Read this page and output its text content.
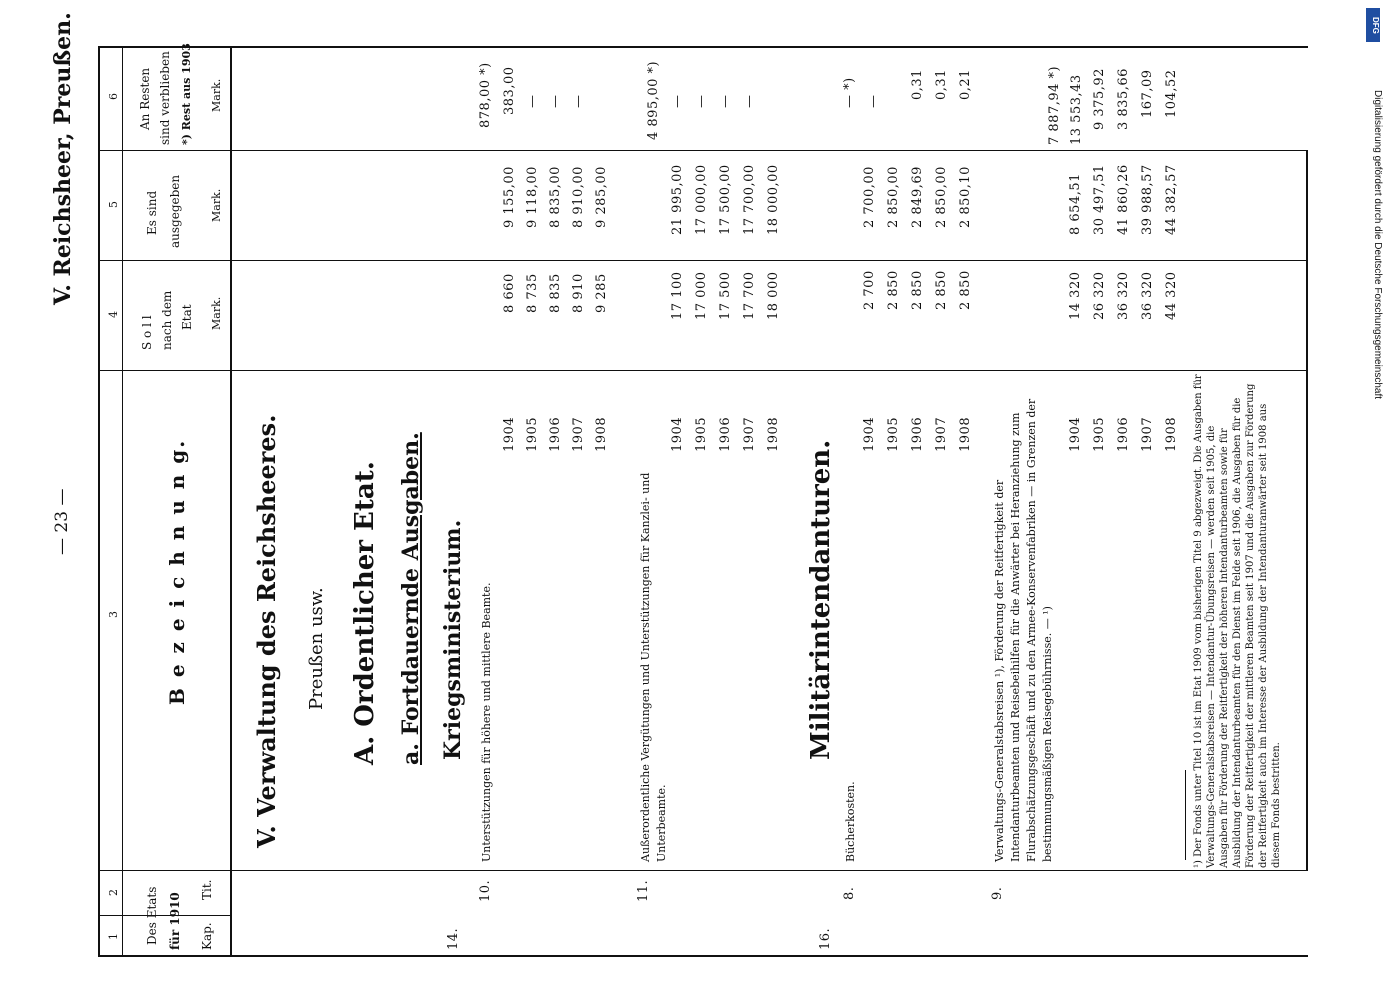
V. Reichsheer, Preußen.
— 23 —
Digitalisierung gefördert durch die Deutsche Forschungsgemeinschaft
DFG
1
2
3
4
5
6
Des Etats für 1910 Kap.
Tit.
B e z e i c h n u n g.
S o l l nach dem Etat Mark.
Es sind ausgegeben	Mark.
An Resten sind verblieben *) Rest aus 1903 Mark.
V. Verwaltung des Reichsheeres. Preußen usw. A. Ordentlicher Etat. a. Fortdauernde Ausgaben. Kriegsministerium.	Militärintendanturen.
14.
10.
Unterstützungen für höhere und mittlere Beamte.
1904 1905 1906 1907 1908
8 660 8 735 8 835 8 910 9 285
9 155,00 9 118,00 8 835,00 8 910,00 9 285,00
878,00 *) 383,00 — — —
11.
Außerordentliche Vergütungen und Unterstützungen für Kanzlei- und Unterbeamte.
1904 1905 1906 1907 1908
17 100 17 000 17 500 17 700 18 000
21 995,00 17 000,00 17 500,00 17 700,00 18 000,00
4 895,00 *) — — — —
16.
8.
Bücherkosten.
1904 1905 1906 1907 1908
2 700 2 850 2 850 2 850 2 850
2 700,00 2 850,00 2 849,69 2 850,00 2 850,10
— *) —
0,31 0,31 0,21
9.
Verwaltungs-Generalstabsreisen ¹), Förderung der Reitfertigkeit der Intendanturbeamten und Reisebeihilfen für die Anwärter bei Heranziehung zum Flurabschätzungsgeschäft und zu den Armee-Konservenfabriken — in Grenzen der bestimmungsmäßigen Reisegebührnisse. — ¹)
1904 1905 1906 1907 1908
14 320 26 320 36 320 36 320 44 320
8 654,51 30 497,51 41 860,26 39 988,57 44 382,57
7 887,94 *) 13 553,43 9 375,92 3 835,66 167,09 104,52
¹) Der Fonds unter Titel 10 ist im Etat 1909 vom bisherigen Titel 9 abgezweigt. Die Ausgaben für Verwaltungs-Generalstabsreisen — Intendantur-Übungsreisen — werden seit 1905, die Ausgaben für Förderung der Reitfertigkeit der höheren Intendanturbeamten sowie für Ausbildung der Intendanturbeamten für den Dienst im Felde seit 1906, die Ausgaben für die Förderung der Reitfertigkeit der mittleren Beamten seit 1907 und die Ausgaben zur Förderung der Reitfertigkeit auch im Interesse der Ausbildung der Intendanturanwärter seit 1908 aus diesem Fonds bestritten.
